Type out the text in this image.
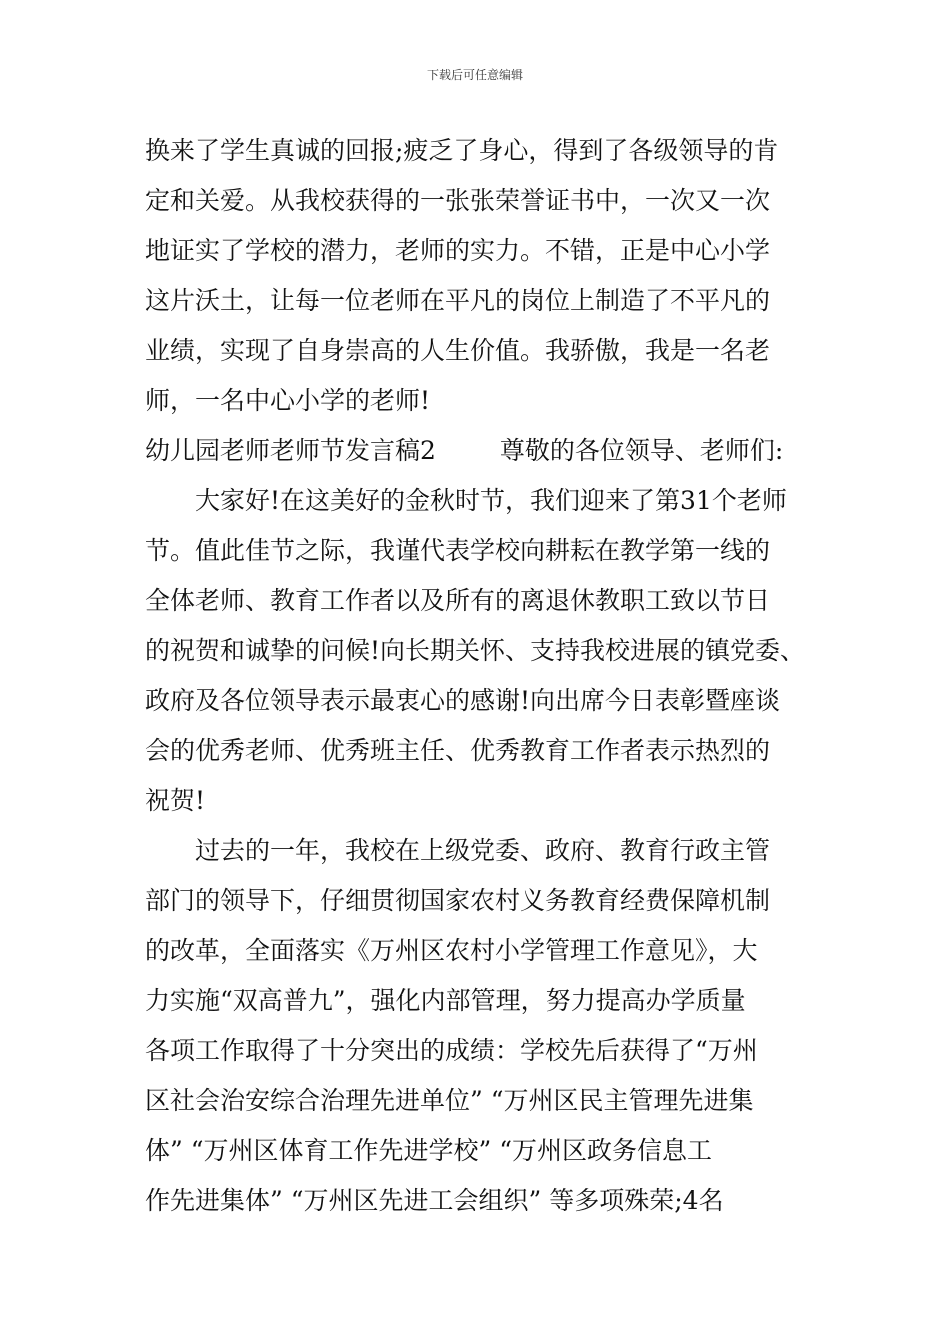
下载后可任意编辑
换来了学生真诚的回报;疲乏了身心，得到了各级领导的肯
定和关爱。从我校获得的一张张荣誉证书中，一次又一次
地证实了学校的潜力，老师的实力。不错，正是中心小学
这片沃土，让每一位老师在平凡的岗位上制造了不平凡的
业绩，实现了自身崇高的人生价值。我骄傲，我是一名老
师，一名中心小学的老师!
幼儿园老师老师节发言稿2	尊敬的各位领导、老师们:
大家好!在这美好的金秋时节，我们迎来了第31个老师
节。值此佳节之际，我谨代表学校向耕耘在教学第一线的
全体老师、教育工作者以及所有的离退休教职工致以节日
的祝贺和诚挚的问候!向长期关怀、支持我校进展的镇党委、
政府及各位领导表示最衷心的感谢!向出席今日表彰暨座谈
会的优秀老师、优秀班主任、优秀教育工作者表示热烈的
祝贺!
过去的一年，我校在上级党委、政府、教育行政主管
部门的领导下，仔细贯彻国家农村义务教育经费保障机制
的改革，全面落实《万州区农村小学管理工作意见》，大
力实施“双高普九”，强化内部管理，努力提高办学质量
各项工作取得了十分突出的成绩：学校先后获得了“万州
区社会治安综合治理先进单位” “万州区民主管理先进集
体” “万州区体育工作先进学校” “万州区政务信息工
作先进集体” “万州区先进工会组织” 等多项殊荣;4名
